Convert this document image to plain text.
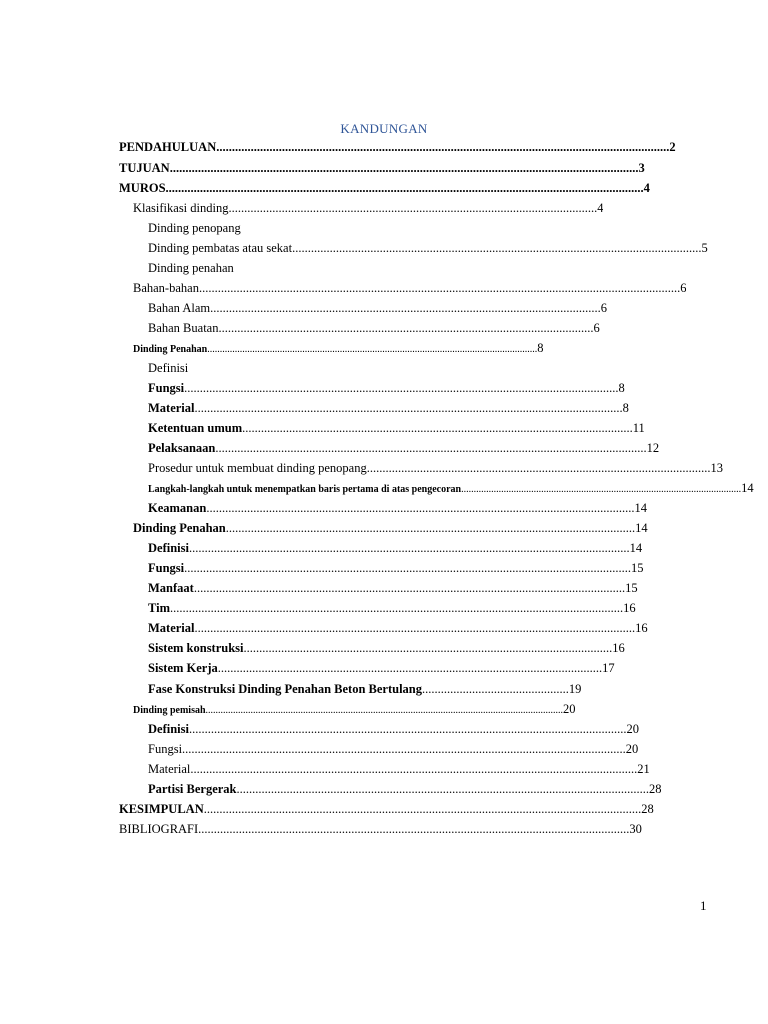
KANDUNGAN
PENDAHULUAN.................................................................................................................................................2
TUJUAN......................................................................................................................................................3
MUROS.........................................................................................................................................................4
Klasifikasi dinding......................................................................................................................4
Dinding penopang
Dinding pembatas atau sekat...................................................................................................................................5
Dinding penahan
Bahan-bahan..........................................................................................................................................................6
Bahan Alam.............................................................................................................................6
Bahan Buatan........................................................................................................................6
Dinding Penahan....................................................................................................................................8
Definisi
Fungsi...........................................................................................................................................8
Material.........................................................................................................................................8
Ketentuan umum.............................................................................................................................11
Pelaksanaan..........................................................................................................................................12
Prosedur untuk membuat dinding penopang..............................................................................................................13
Langkah-langkah untuk menempatkan baris pertama di atas pengecoran................................................................................................................14
Keamanan.........................................................................................................................................14
Dinding Penahan...................................................................................................................................14
Definisi.............................................................................................................................................14
Fungsi...............................................................................................................................................15
Manfaat..........................................................................................................................................15
Tim.................................................................................................................................................16
Material.............................................................................................................................................16
Sistem konstruksi......................................................................................................................16
Sistem Kerja...........................................................................................................................17
Fase Konstruksi Dinding Penahan Beton Bertulang...............................................19
Dinding pemisah...............................................................................................................................................20
Definisi............................................................................................................................................20
Fungsi..............................................................................................................................................20
Material...............................................................................................................................................21
Partisi Bergerak....................................................................................................................................28
KESIMPULAN............................................................................................................................................28
BIBLIOGRAFI..........................................................................................................................................30
1
